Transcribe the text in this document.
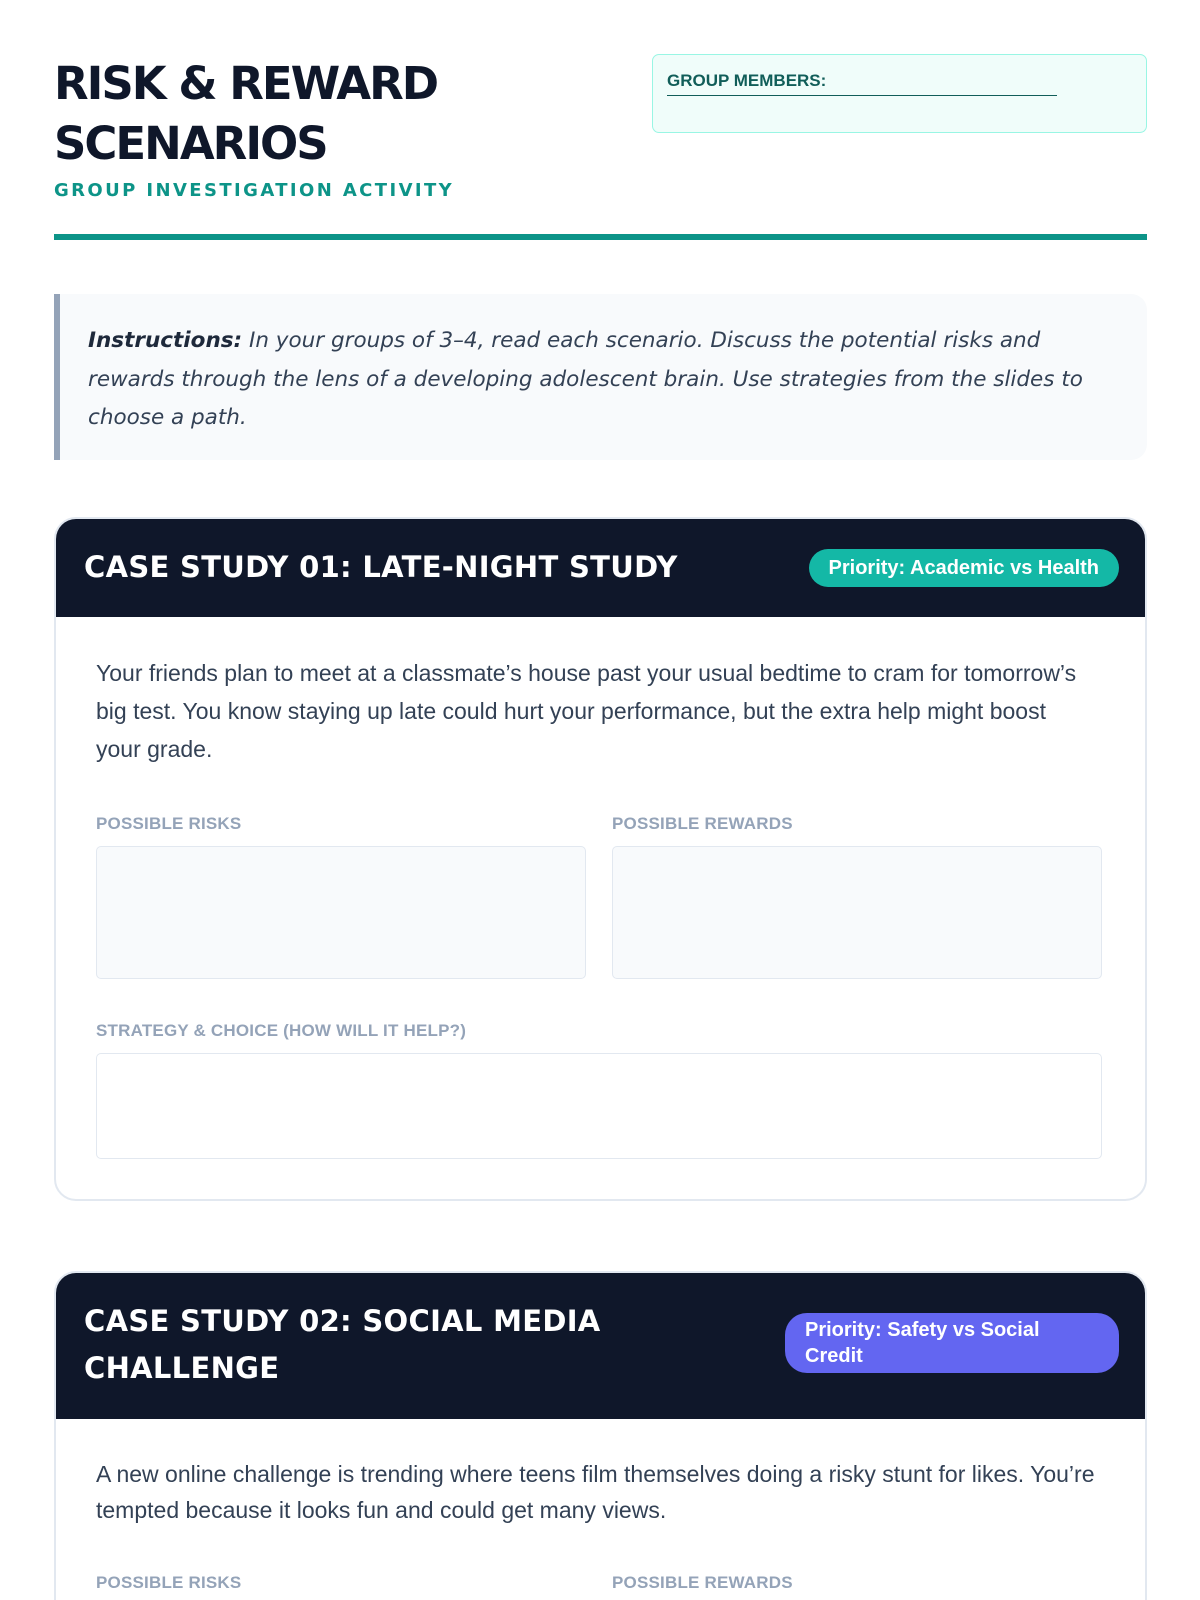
RISK & REWARD
SCENARIOS
GROUP INVESTIGATION ACTIVITY
GROUP MEMBERS:
Instructions: In your groups of 3–4, read each scenario. Discuss the potential risks and rewards through the lens of a developing adolescent brain. Use strategies from the slides to choose a path.
CASE STUDY 01: LATE-NIGHT STUDY	Priority: Academic vs Health
Your friends plan to meet at a classmate’s house past your usual bedtime to cram for tomorrow’s big test. You know staying up late could hurt your performance, but the extra help might boost your grade.
POSSIBLE RISKS	POSSIBLE REWARDS
STRATEGY & CHOICE (HOW WILL IT HELP?)
CASE STUDY 02: SOCIAL MEDIA
CHALLENGE
Priority: Safety vs Social Credit
A new online challenge is trending where teens film themselves doing a risky stunt for likes. You’re tempted because it looks fun and could get many views.
POSSIBLE RISKS	POSSIBLE REWARDS
